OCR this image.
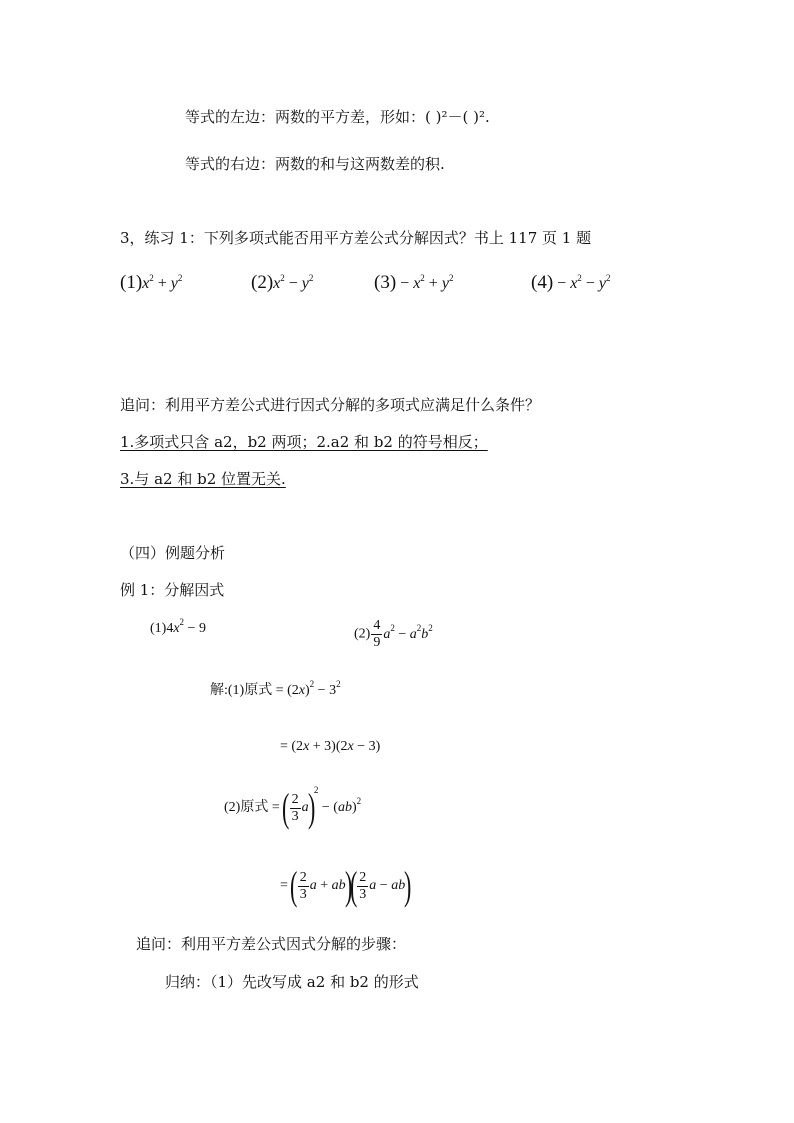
等式的左边：两数的平方差，形如：( )²－( )².
等式的右边：两数的和与这两数差的积.
3，练习 1：下列多项式能否用平方差公式分解因式？书上 117 页 1 题
$(1)x^2 + y^2$	$(2)x^2 - y^2$	$(3) - x^2 + y^2$	$(4) - x^2 - y^2$
追问：利用平方差公式进行因式分解的多项式应满足什么条件？
1.多项式只含 a2，b2 两项；2.a2 和 b2 的符号相反；
3.与 a2 和 b2 位置无关.
（四）例题分析
例 1：分解因式
$(1)4x^2 - 9$	$(2) \frac{4}{9} a^2 - a^2b^2$
解:(1)原式 = $(2x)^2 - 3^2$
= (2x + 3)(2x − 3)
(2)原式 = ( $\frac{2}{3} a)^2 - (ab)^2$
= ( $\frac{2}{3}$ $a + ab)( \frac{2}{3}$ a − ab)
追问：利用平方差公式因式分解的步骤：
归纳：（1）先改写成 a2 和 b2 的形式
